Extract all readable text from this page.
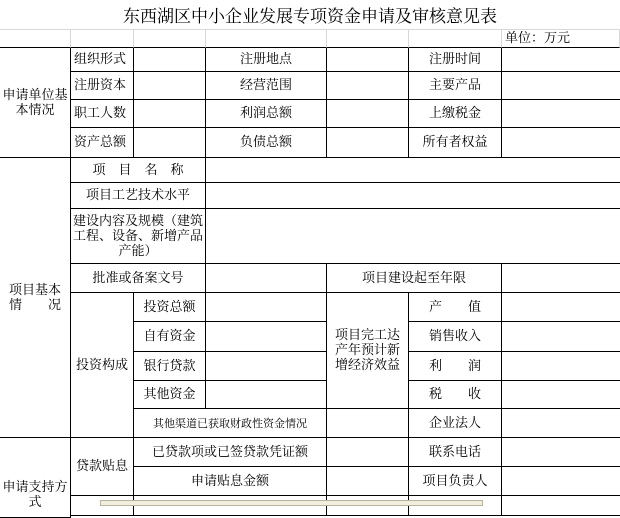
东西湖区中小企业发展专项资金申请及审核意见表
单位：万元
申请单位基本情况
组织形式	注册地点	注册时间
注册资本	经营范围	主要产品
职工人数	利润总额	上缴税金
资产总额	负债总额	所有者权益
项目基本
情　　况
项　目　名　称
项目工艺技术水平
建设内容及规模（建筑工程、设备、新增产品产能）
批准或备案文号	项目建设起至年限
投资构成
项目完工达产年预计新增经济效益
投资总额	产　　值
自有资金	销售收入
银行贷款	利　　润
其他资金	税　　收
其他渠道已获取财政性资金情况	企业法人
申请支持方式
贷款贴息
已贷款项或已签贷款凭证额	联系电话
申请贴息金额	项目负责人
